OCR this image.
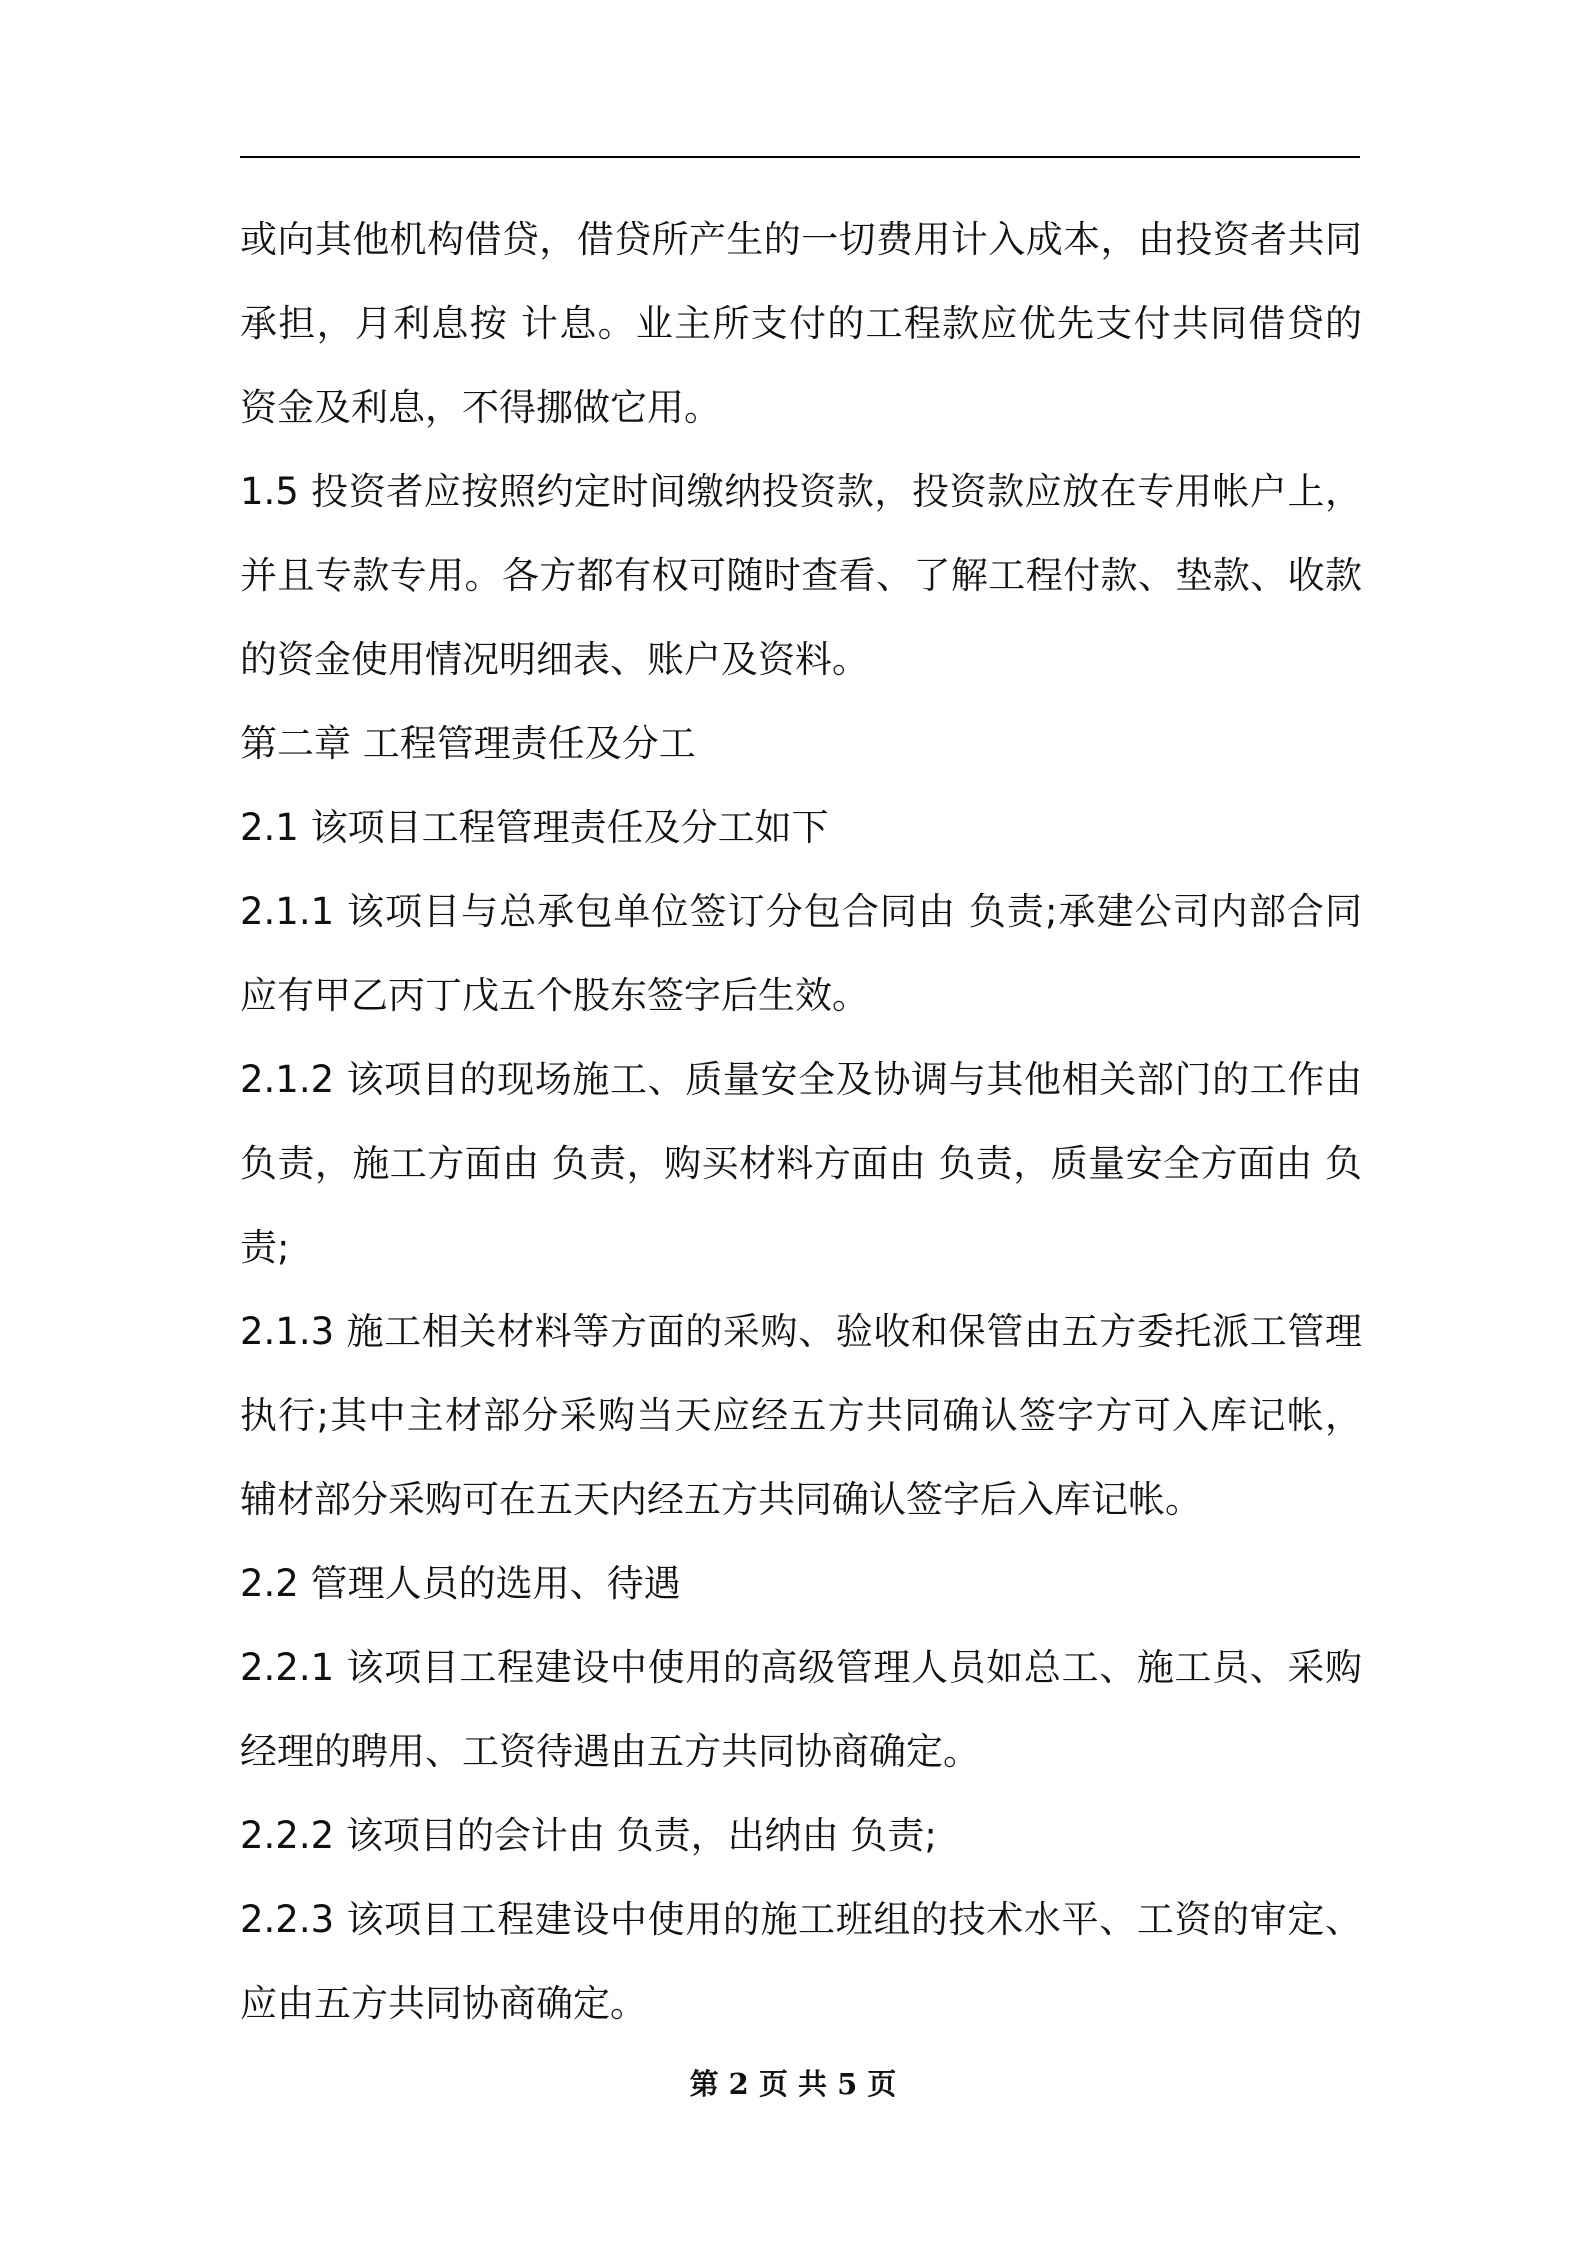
或向其他机构借贷，借贷所产生的一切费用计入成本，由投资者共同
承担，月利息按 计息。业主所支付的工程款应优先支付共同借贷的
资金及利息，不得挪做它用。
1.5 投资者应按照约定时间缴纳投资款，投资款应放在专用帐户上，
并且专款专用。各方都有权可随时查看、了解工程付款、垫款、收款
的资金使用情况明细表、账户及资料。
第二章 工程管理责任及分工
2.1 该项目工程管理责任及分工如下
2.1.1 该项目与总承包单位签订分包合同由 负责;承建公司内部合同
应有甲乙丙丁戊五个股东签字后生效。
2.1.2 该项目的现场施工、质量安全及协调与其他相关部门的工作由
负责，施工方面由 负责，购买材料方面由 负责，质量安全方面由 负
责;
2.1.3 施工相关材料等方面的采购、验收和保管由五方委托派工管理
执行;其中主材部分采购当天应经五方共同确认签字方可入库记帐，
辅材部分采购可在五天内经五方共同确认签字后入库记帐。
2.2 管理人员的选用、待遇
2.2.1 该项目工程建设中使用的高级管理人员如总工、施工员、采购
经理的聘用、工资待遇由五方共同协商确定。
2.2.2 该项目的会计由 负责，出纳由 负责;
2.2.3 该项目工程建设中使用的施工班组的技术水平、工资的审定、
应由五方共同协商确定。
第 2 页 共 5 页
